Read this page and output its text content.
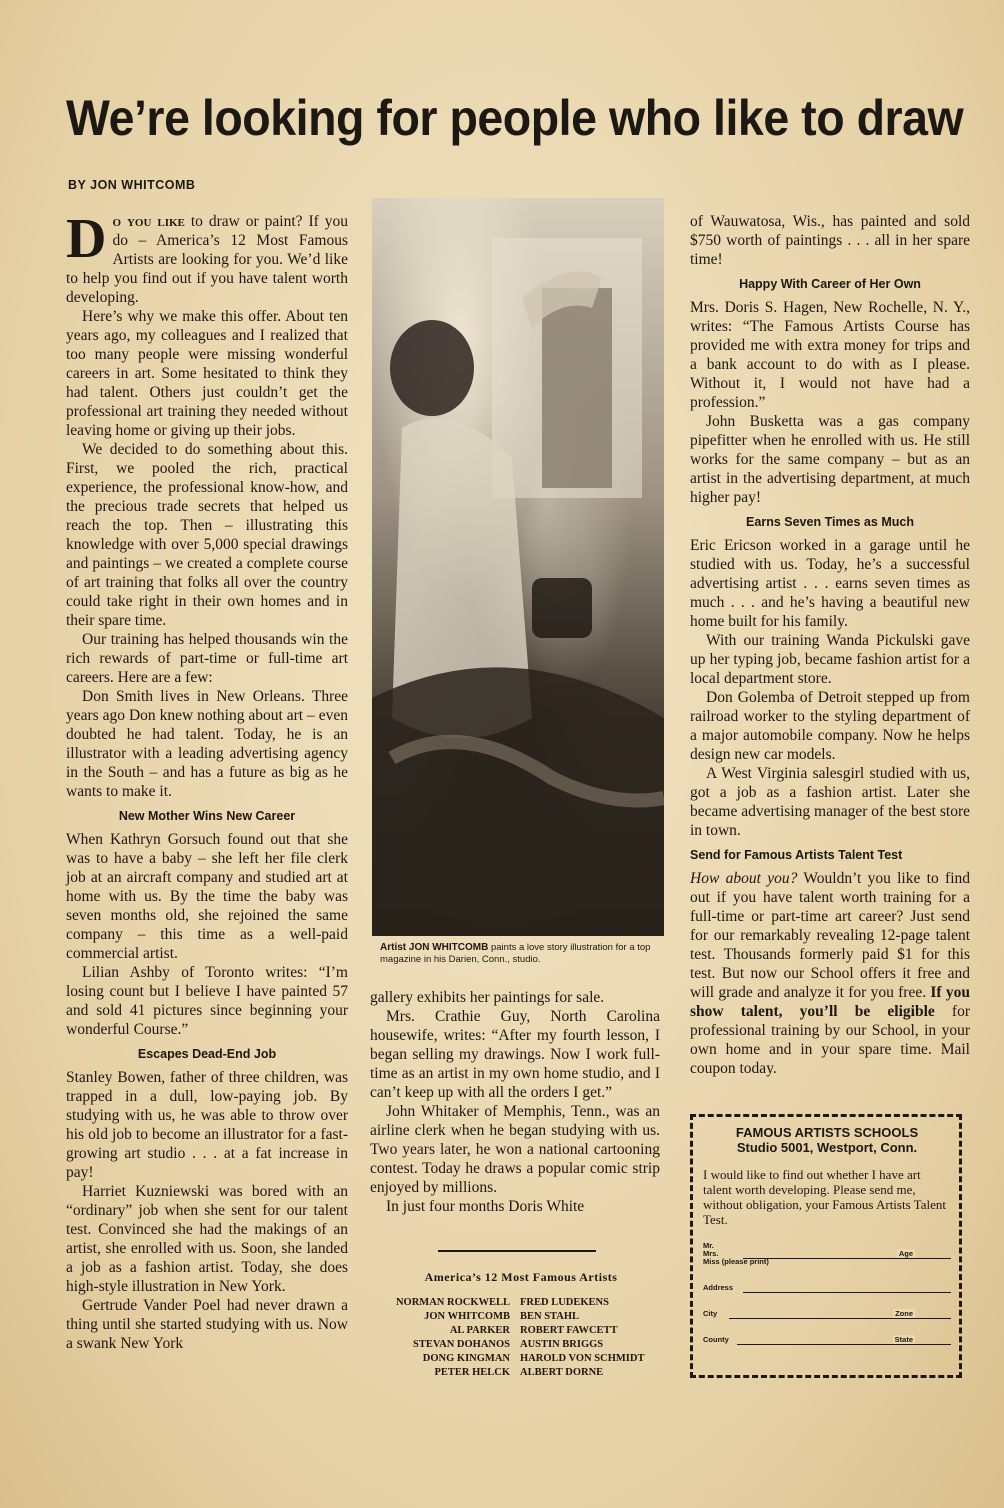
We’re looking for people who like to draw
BY JON WHITCOMB

Do you like to draw or paint? If you do – America’s 12 Most Famous Artists are looking for you. We’d like to help you find out if you have talent worth developing.

Here’s why we make this offer. About ten years ago, my colleagues and I realized that too many people were missing wonderful careers in art. Some hesitated to think they had talent. Others just couldn’t get the professional art training they needed without leaving home or giving up their jobs.

We decided to do something about this. First, we pooled the rich, practical experience, the professional know-how, and the precious trade secrets that helped us reach the top. Then – illustrating this knowledge with over 5,000 special drawings and paintings – we created a complete course of art training that folks all over the country could take right in their own homes and in their spare time.

Our training has helped thousands win the rich rewards of part-time or full-time art careers. Here are a few:

Don Smith lives in New Orleans. Three years ago Don knew nothing about art – even doubted he had talent. Today, he is an illustrator with a leading advertising agency in the South – and has a future as big as he wants to make it.

New Mother Wins New Career

When Kathryn Gorsuch found out that she was to have a baby – she left her file clerk job at an aircraft company and studied art at home with us. By the time the baby was seven months old, she rejoined the same company – this time as a well-paid commercial artist.

Lilian Ashby of Toronto writes: “I’m losing count but I believe I have painted 57 and sold 41 pictures since beginning your wonderful Course.”

Escapes Dead-End Job

Stanley Bowen, father of three children, was trapped in a dull, low-paying job. By studying with us, he was able to throw over his old job to become an illustrator for a fast-growing art studio . . . at a fat increase in pay!

Harriet Kuzniewski was bored with an “ordinary” job when she sent for our talent test. Convinced she had the makings of an artist, she enrolled with us. Soon, she landed a job as a fashion artist. Today, she does high-style illustration in New York.

Gertrude Vander Poel had never drawn a thing until she started studying with us. Now a swank New York

Artist JON WHITCOMB paints a love story illustration for a top magazine in his Darien, Conn., studio.

gallery exhibits her paintings for sale.

Mrs. Crathie Guy, North Carolina housewife, writes: “After my fourth lesson, I began selling my drawings. Now I work full-time as an artist in my own home studio, and I can’t keep up with all the orders I get.”

John Whitaker of Memphis, Tenn., was an airline clerk when he began studying with us. Two years later, he won a national cartooning contest. Today he draws a popular comic strip enjoyed by millions.

In just four months Doris White

America’s 12 Most Famous Artists
NORMAN ROCKWELL FRED LUDEKENS
JON WHITCOMB BEN STAHL
AL PARKER ROBERT FAWCETT
STEVAN DOHANOS AUSTIN BRIGGS
DONG KINGMAN HAROLD VON SCHMIDT
PETER HELCK ALBERT DORNE

of Wauwatosa, Wis., has painted and sold $750 worth of paintings . . . all in her spare time!

Happy With Career of Her Own

Mrs. Doris S. Hagen, New Rochelle, N. Y., writes: “The Famous Artists Course has provided me with extra money for trips and a bank account to do with as I please. Without it, I would not have had a profession.”

John Busketta was a gas company pipefitter when he enrolled with us. He still works for the same company – but as an artist in the advertising department, at much higher pay!

Earns Seven Times as Much

Eric Ericson worked in a garage until he studied with us. Today, he’s a successful advertising artist . . . earns seven times as much . . . and he’s having a beautiful new home built for his family.

With our training Wanda Pickulski gave up her typing job, became fashion artist for a local department store.

Don Golemba of Detroit stepped up from railroad worker to the styling department of a major automobile company. Now he helps design new car models.

A West Virginia salesgirl studied with us, got a job as a fashion artist. Later she became advertising manager of the best store in town.

Send for Famous Artists Talent Test

How about you? Wouldn’t you like to find out if you have talent worth training for a full-time or part-time art career? Just send for our remarkably revealing 12-page talent test. Thousands formerly paid $1 for this test. But now our School offers it free and will grade and analyze it for you free. If you show talent, you’ll be eligible for professional training by our School, in your own home and in your spare time. Mail coupon today.

FAMOUS ARTISTS SCHOOLS
Studio 5001, Westport, Conn.
I would like to find out whether I have art talent worth developing. Please send me, without obligation, your Famous Artists Talent Test.
Mr.
Mrs.
Miss (please print)
Age
Address
City	Zone
County	State
